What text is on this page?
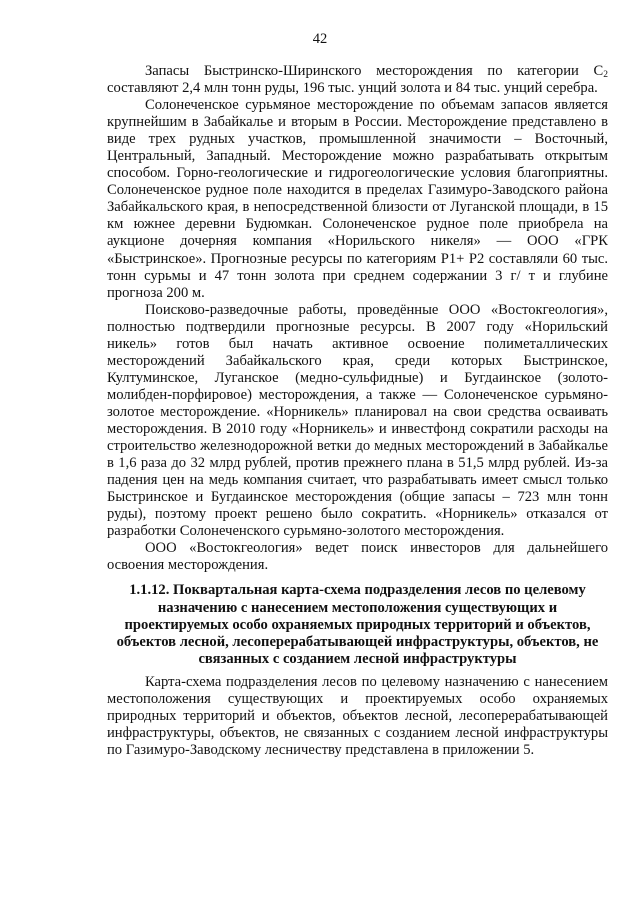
42

Запасы Быстринско-Ширинского месторождения по категории $C_2$ составляют 2,4 млн тонн руды, 196 тыс. унций золота и 84 тыс. унций серебра.

Солонеченское сурьмяное месторождение по объемам запасов является крупнейшим в Забайкалье и вторым в России. Месторождение представлено в виде трех рудных участков, промышленной значимости – Восточный, Центральный, Западный. Месторождение можно разрабатывать открытым способом. Горно-геологические и гидрогеологические условия благоприятны. Солонеченское рудное поле находится в пределах Газимуро-Заводского района Забайкальского края, в непосредственной близости от Луганской площади, в 15 км южнее деревни Будюмкан. Солонеченское рудное поле приобрела на аукционе дочерняя компания «Норильского никеля» — ООО «ГРК «Быстринское». Прогнозные ресурсы по категориям P1+ P2 составляли 60 тыс. тонн сурьмы и 47 тонн золота при среднем содержании 3 г/ т и глубине прогноза 200 м.

Поисково-разведочные работы, проведённые ООО «Востокгеология», полностью подтвердили прогнозные ресурсы. В 2007 году «Норильский никель» готов был начать активное освоение полиметаллических месторождений Забайкальского края, среди которых Быстринское, Култуминское, Луганское (медно-сульфидные) и Бугдаинское (золото-молибден-порфировое) месторождения, а также — Солонеченское сурьмяно-золотое месторождение. «Норникель» планировал на свои средства осваивать месторождения. В 2010 году «Норникель» и инвестфонд сократили расходы на строительство железнодорожной ветки до медных месторождений в Забайкалье в 1,6 раза до 32 млрд рублей, против прежнего плана в 51,5 млрд рублей. Из-за падения цен на медь компания считает, что разрабатывать имеет смысл только Быстринское и Бугдаинское месторождения (общие запасы – 723 млн тонн руды), поэтому проект решено было сократить. «Норникель» отказался от разработки Солонеченского сурьмяно-золотого месторождения.

ООО «Востокгеология» ведет поиск инвесторов для дальнейшего освоения месторождения.

1.1.12. Поквартальная карта-схема подразделения лесов по целевому назначению с нанесением местоположения существующих и проектируемых особо охраняемых природных территорий и объектов, объектов лесной, лесоперерабатывающей инфраструктуры, объектов, не связанных с созданием лесной инфраструктуры

Карта-схема подразделения лесов по целевому назначению с нанесением местоположения существующих и проектируемых особо охраняемых природных территорий и объектов, объектов лесной, лесоперерабатывающей инфраструктуры, объектов, не связанных с созданием лесной инфраструктуры по Газимуро-Заводскому лесничеству представлена в приложении 5.
